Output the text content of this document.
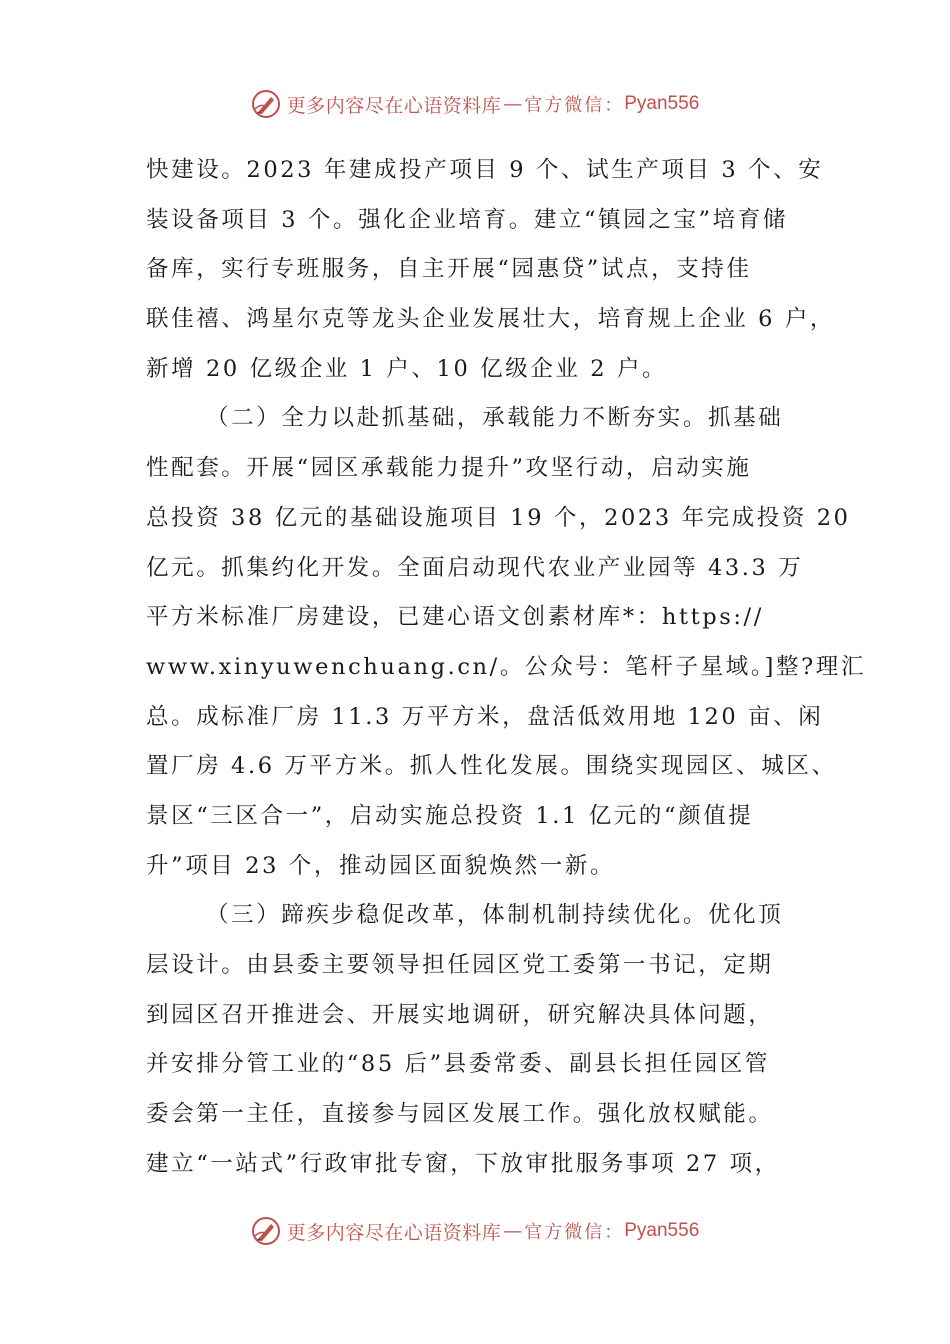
更多内容尽在心语资料库 — 官方微信： Pyan556
快建设。2023 年建成投产项目 9 个、试生产项目 3 个、安
装设备项目 3 个。强化企业培育。建立“镇园之宝”培育储
备库，实行专班服务，自主开展“园惠贷”试点，支持佳
联佳禧、鸿星尔克等龙头企业发展壮大，培育规上企业 6 户，
新增 20 亿级企业 1 户、10 亿级企业 2 户。
（二）全力以赴抓基础，承载能力不断夯实。抓基础
性配套。开展“园区承载能力提升”攻坚行动，启动实施
总投资 38 亿元的基础设施项目 19 个，2023 年完成投资 20
亿元。抓集约化开发。全面启动现代农业产业园等 43.3 万
平方米标准厂房建设，已建心语文创素材库*：https://
www.xinyuwenchuang.cn/。公众号：笔杆子星域。]整?理汇
总。成标准厂房 11.3 万平方米，盘活低效用地 120 亩、闲
置厂房 4.6 万平方米。抓人性化发展。围绕实现园区、城区、
景区“三区合一”，启动实施总投资 1.1 亿元的“颜值提
升”项目 23 个，推动园区面貌焕然一新。
（三）蹄疾步稳促改革，体制机制持续优化。优化顶
层设计。由县委主要领导担任园区党工委第一书记，定期
到园区召开推进会、开展实地调研，研究解决具体问题，
并安排分管工业的“85 后”县委常委、副县长担任园区管
委会第一主任，直接参与园区发展工作。强化放权赋能。
建立“一站式”行政审批专窗，下放审批服务事项 27 项，
更多内容尽在心语资料库 — 官方微信： Pyan556
